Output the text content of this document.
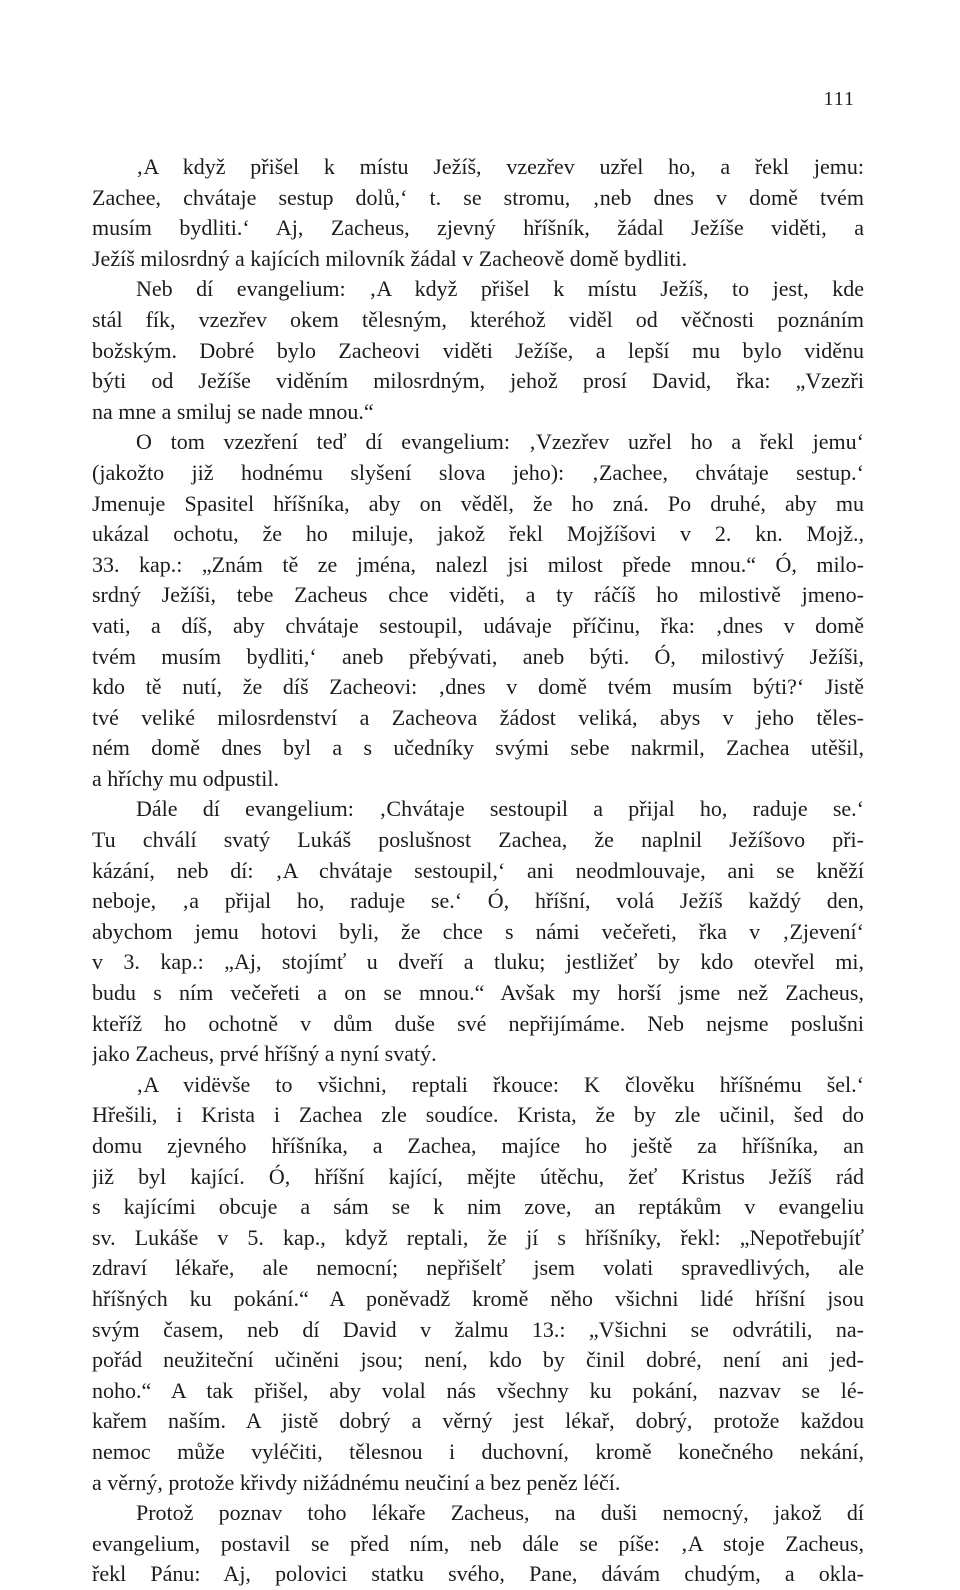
111
‚A když přišel k místu Ježíš, vzezřev uzřel ho, a řekl jemu:
Zachee, chvátaje sestup dolů,‘ t. se stromu, ‚neb dnes v domě tvém
musím bydliti.‘ Aj, Zacheus, zjevný hříšník, žádal Ježíše viděti, a
Ježíš milosrdný a kajících milovník žádal v Zacheově domě bydliti.
Neb dí evangelium: ‚A když přišel k místu Ježíš, to jest, kde
stál fík, vzezřev okem tělesným, kteréhož viděl od věčnosti poznáním
božským. Dobré bylo Zacheovi viděti Ježíše, a lepší mu bylo viděnu
býti od Ježíše viděním milosrdným, jehož prosí David, řka: „Vzezři
na mne a smiluj se nade mnou.“
O tom vzezření teď dí evangelium: ‚Vzezřev uzřel ho a řekl jemu‘
(jakožto již hodnému slyšení slova jeho): ‚Zachee, chvátaje sestup.‘
Jmenuje Spasitel hříšníka, aby on věděl, že ho zná. Po druhé, aby mu
ukázal ochotu, že ho miluje, jakož řekl Mojžíšovi v 2. kn. Mojž.,
33. kap.: „Znám tě ze jména, nalezl jsi milost přede mnou.“ Ó, milo-
srdný Ježíši, tebe Zacheus chce viděti, a ty ráčíš ho milostivě jmeno-
vati, a díš, aby chvátaje sestoupil, udávaje příčinu, řka: ‚dnes v domě
tvém musím bydliti,‘ aneb přebývati, aneb býti. Ó, milostivý Ježíši,
kdo tě nutí, že díš Zacheovi: ‚dnes v domě tvém musím býti?‘ Jistě
tvé veliké milosrdenství a Zacheova žádost veliká, abys v jeho těles-
ném domě dnes byl a s učedníky svými sebe nakrmil, Zachea utěšil,
a hříchy mu odpustil.
Dále dí evangelium: ‚Chvátaje sestoupil a přijal ho, raduje se.‘
Tu chválí svatý Lukáš poslušnost Zachea, že naplnil Ježíšovo při-
kázání, neb dí: ‚A chvátaje sestoupil,‘ ani neodmlouvaje, ani se kněží
neboje, ‚a přijal ho, raduje se.‘ Ó, hříšní, volá Ježíš každý den,
abychom jemu hotovi byli, že chce s námi večeřeti, řka v ‚Zjevení‘
v 3. kap.: „Aj, stojímť u dveří a tluku; jestližeť by kdo otevřel mi,
budu s ním večeřeti a on se mnou.“ Avšak my horší jsme než Zacheus,
kteříž ho ochotně v dům duše své nepřijímáme. Neb nejsme poslušni
jako Zacheus, prvé hříšný a nyní svatý.
‚A vidëvše to všichni, reptali řkouce: K člověku hříšnému šel.‘
Hřešili, i Krista i Zachea zle soudíce. Krista, že by zle učinil, šed do
domu zjevného hříšníka, a Zachea, majíce ho ještě za hříšníka, an
již byl kající. Ó, hříšní kající, mějte útěchu, žeť Kristus Ježíš rád
s kajícími obcuje a sám se k nim zove, an reptákům v evangeliu
sv. Lukáše v 5. kap., když reptali, že jí s hříšníky, řekl: „Nepotřebujíť
zdraví lékaře, ale nemocní; nepřišelť jsem volati spravedlivých, ale
hříšných ku pokání.“ A poněvadž kromě něho všichni lidé hříšní jsou
svým časem, neb dí David v žalmu 13.: „Všichni se odvrátili, na-
pořád neužiteční učiněni jsou; není, kdo by činil dobré, není ani jed-
noho.“ A tak přišel, aby volal nás všechny ku pokání, nazvav se lé-
kařem naším. A jistě dobrý a věrný jest lékař, dobrý, protože každou
nemoc může vyléčiti, tělesnou i duchovní, kromě konečného nekání,
a věrný, protože křivdy nižádnému neučiní a bez peněz léčí.
Protož poznav toho lékaře Zacheus, na duši nemocný, jakož dí
evangelium, postavil se před ním, neb dále se píše: ‚A stoje Zacheus,
řekl Pánu: Aj, polovici statku svého, Pane, dávám chudým, a okla-
